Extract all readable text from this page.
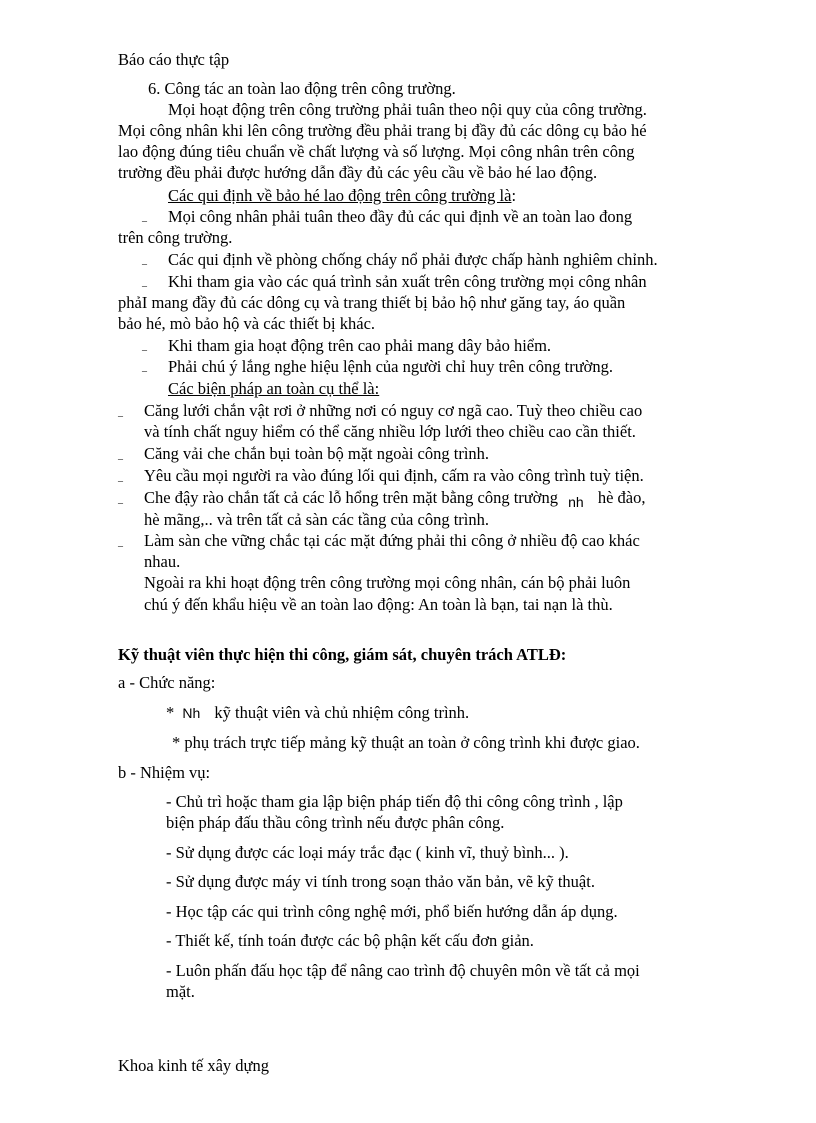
Báo cáo thực tập
6. Công tác an toàn lao động trên công trường.
Mọi hoạt động trên công trường phải tuân theo nội quy của công trường.
Mọi công nhân khi lên công trường đều phải trang bị đầy đủ các dông cụ bảo hé
lao động đúng tiêu chuẩn về chất lượng và số lượng. Mọi công nhân trên công
trường đều phải được hướng dẫn đầy đủ các yêu cầu về bảo hé lao động.
Các qui định về bảo hé lao động trên công trường là:
_ Mọi công nhân phải tuân theo đầy đủ các qui định về an toàn lao đong
trên công trường.
_ Các qui định về phòng chống cháy nổ phải được chấp hành nghiêm chỉnh.
_ Khi tham gia vào các quá trình sản xuất trên công trường mọi công nhân
phảI mang đầy đủ các dông cụ và trang thiết bị bảo hộ như găng tay, áo quần
bảo hé, mò bảo hộ và các thiết bị khác.
_ Khi tham gia hoạt động trên cao phải mang dây bảo hiểm.
_ Phải chú ý lắng nghe hiệu lệnh của người chỉ huy trên công trường.
Các biện pháp an toàn cụ thể là:
_ Căng lưới chắn vật rơi ở những nơi có nguy cơ ngã cao. Tuỳ theo chiều cao
và tính chất nguy hiểm có thể căng nhiều lớp lưới theo chiều cao cần thiết.
_ Căng vải che chắn bụi toàn bộ mặt ngoài công trình.
_ Yêu cầu mọi người ra vào đúng lối qui định, cấm ra vào công trình tuỳ tiện.
_ Che đậy rào chắn tất cả các lỗ hổng trên mặt bằng công trường $_{nh}$ hè đào,
hè mãng,.. và trên tất cả sàn các tầng của công trình.
_ Làm sàn che vững chắc tại các mặt đứng phải thi công ở nhiều độ cao khác
nhau.
Ngoài ra khi hoạt động trên công trường mọi công nhân, cán bộ phải luôn
chú ý đến khẩu hiệu về an toàn lao động: An toàn là bạn, tai nạn là thù.
Kỹ thuật viên thực hiện thi công, giám sát, chuyên trách ATLĐ:
a - Chức năng:
* Nh kỹ thuật viên và chủ nhiệm công trình.
* phụ trách trực tiếp mảng kỹ thuật an toàn ở công trình khi được giao.
b - Nhiệm vụ:
- Chủ trì hoặc tham gia lập biện pháp tiến độ thi công công trình , lập
biện pháp đấu thầu công trình nếu được phân công.
- Sử dụng được các loại máy trắc đạc ( kinh vĩ, thuỷ bình... ).
- Sử dụng được máy vi tính trong soạn thảo văn bản, vẽ kỹ thuật.
- Học tập các qui trình công nghệ mới, phổ biến hướng dẫn áp dụng.
- Thiết kế, tính toán được các bộ phận kết cấu đơn giản.
- Luôn phấn đấu học tập để nâng cao trình độ chuyên môn về tất cả mọi
mặt.
Khoa kinh tế xây dựng
